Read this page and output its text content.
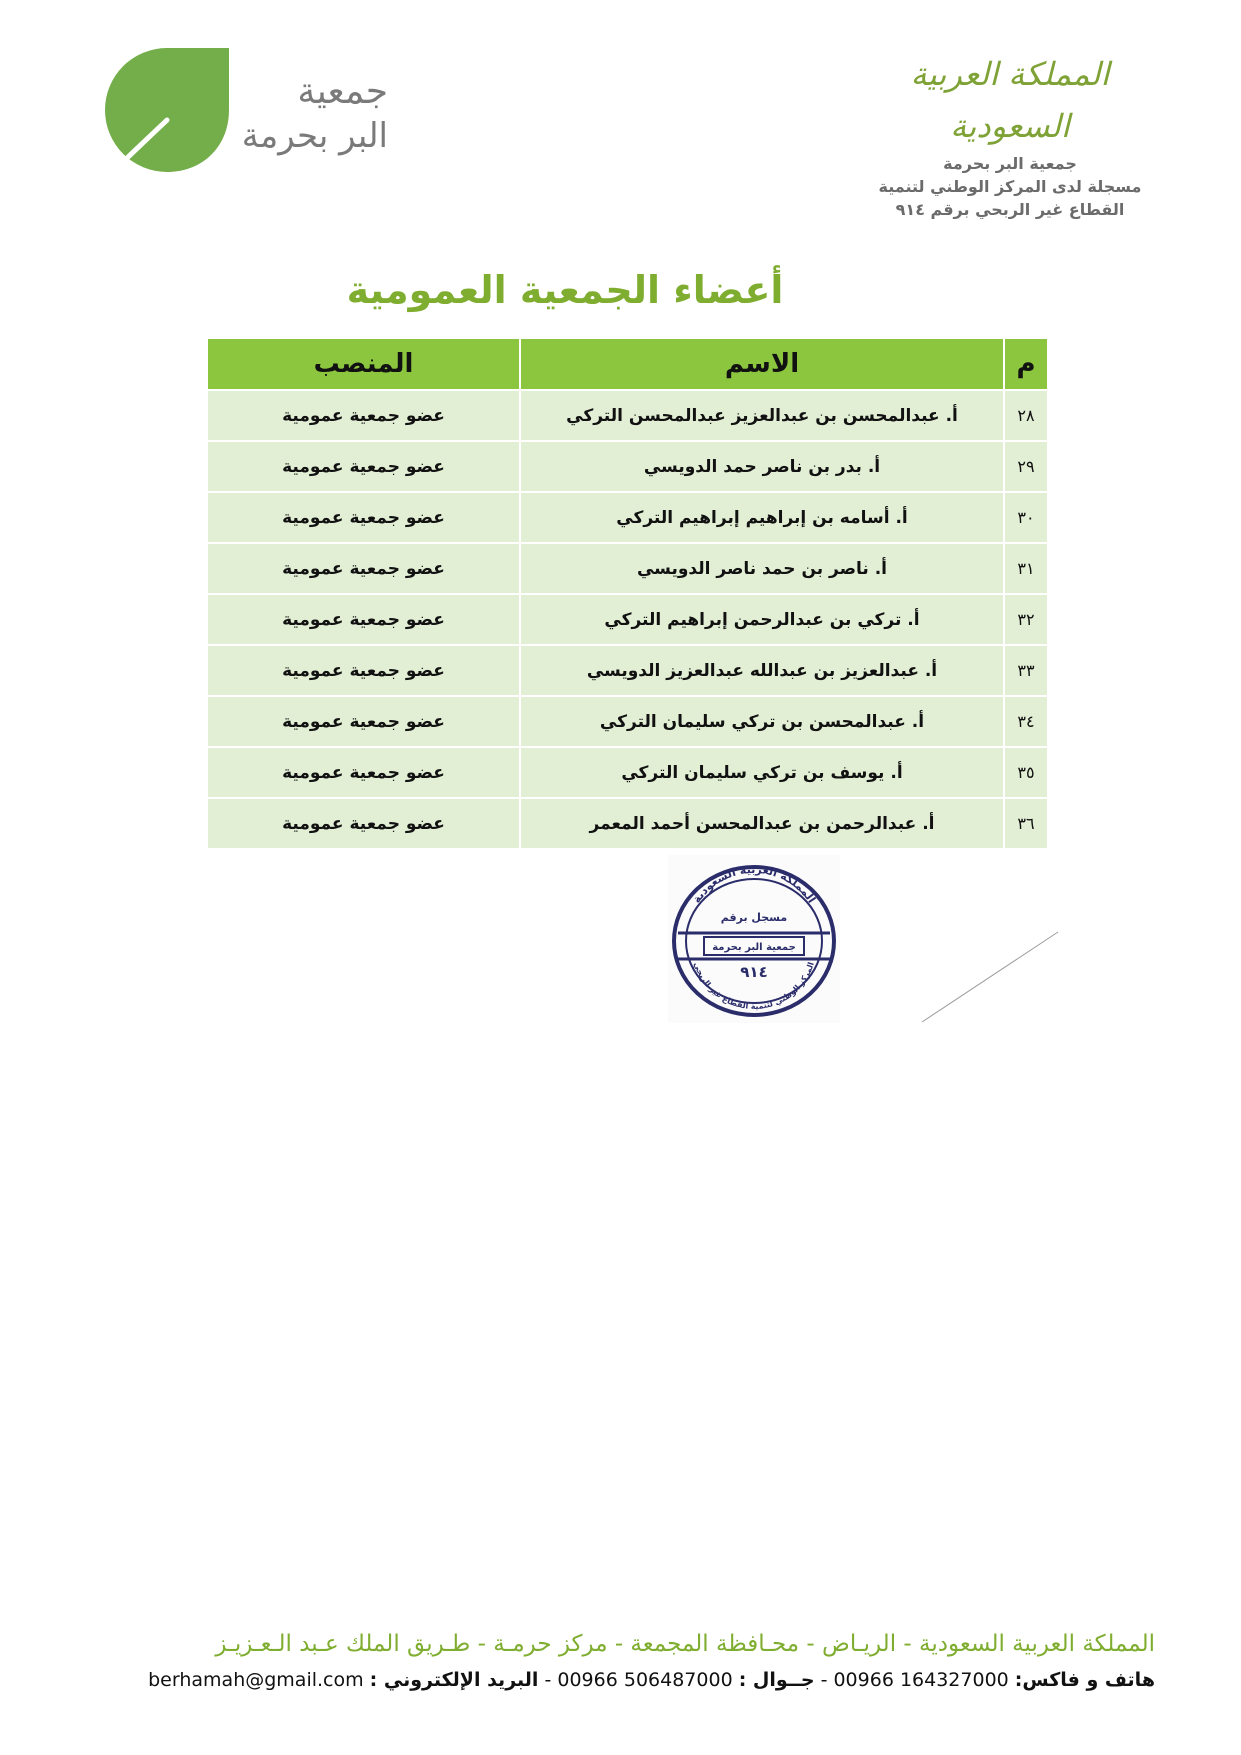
جمعية
البر بحرمة
المملكة العربية السعودية
جمعية البر بحرمة
مسجلة لدى المركز الوطني لتنمية
القطاع غير الربحي برقم ٩١٤
أعضاء الجمعية العمومية
م	الاسم	المنصب
٢٨	أ. عبدالمحسن بن عبدالعزيز عبدالمحسن التركي	عضو جمعية عمومية
٢٩	أ. بدر بن ناصر حمد الدويسي	عضو جمعية عمومية
٣٠	أ. أسامه بن إبراهيم إبراهيم التركي	عضو جمعية عمومية
٣١	أ. ناصر بن حمد ناصر الدويسي	عضو جمعية عمومية
٣٢	أ. تركي بن عبدالرحمن إبراهيم التركي	عضو جمعية عمومية
٣٣	أ. عبدالعزيز بن عبدالله عبدالعزيز الدويسي	عضو جمعية عمومية
٣٤	أ. عبدالمحسن بن تركي سليمان التركي	عضو جمعية عمومية
٣٥	أ. يوسف بن تركي سليمان التركي	عضو جمعية عمومية
٣٦	أ. عبدالرحمن بن عبدالمحسن أحمد المعمر	عضو جمعية عمومية
المملكة العربية السعودية
مسجل برقم
جمعية البر بحرمة
٩١٤
المركز الوطني لتنمية القطاع غير الربحي
المملكة العربية السعودية - الريـاض - محـافظة المجمعة - مركز حرمـة - طـريق الملك عـبد الـعـزيـز
هاتف و فاكس: 00966 164327000 - جــوال : 00966 506487000 - البريد الإلكتروني : berhamah@gmail.com
